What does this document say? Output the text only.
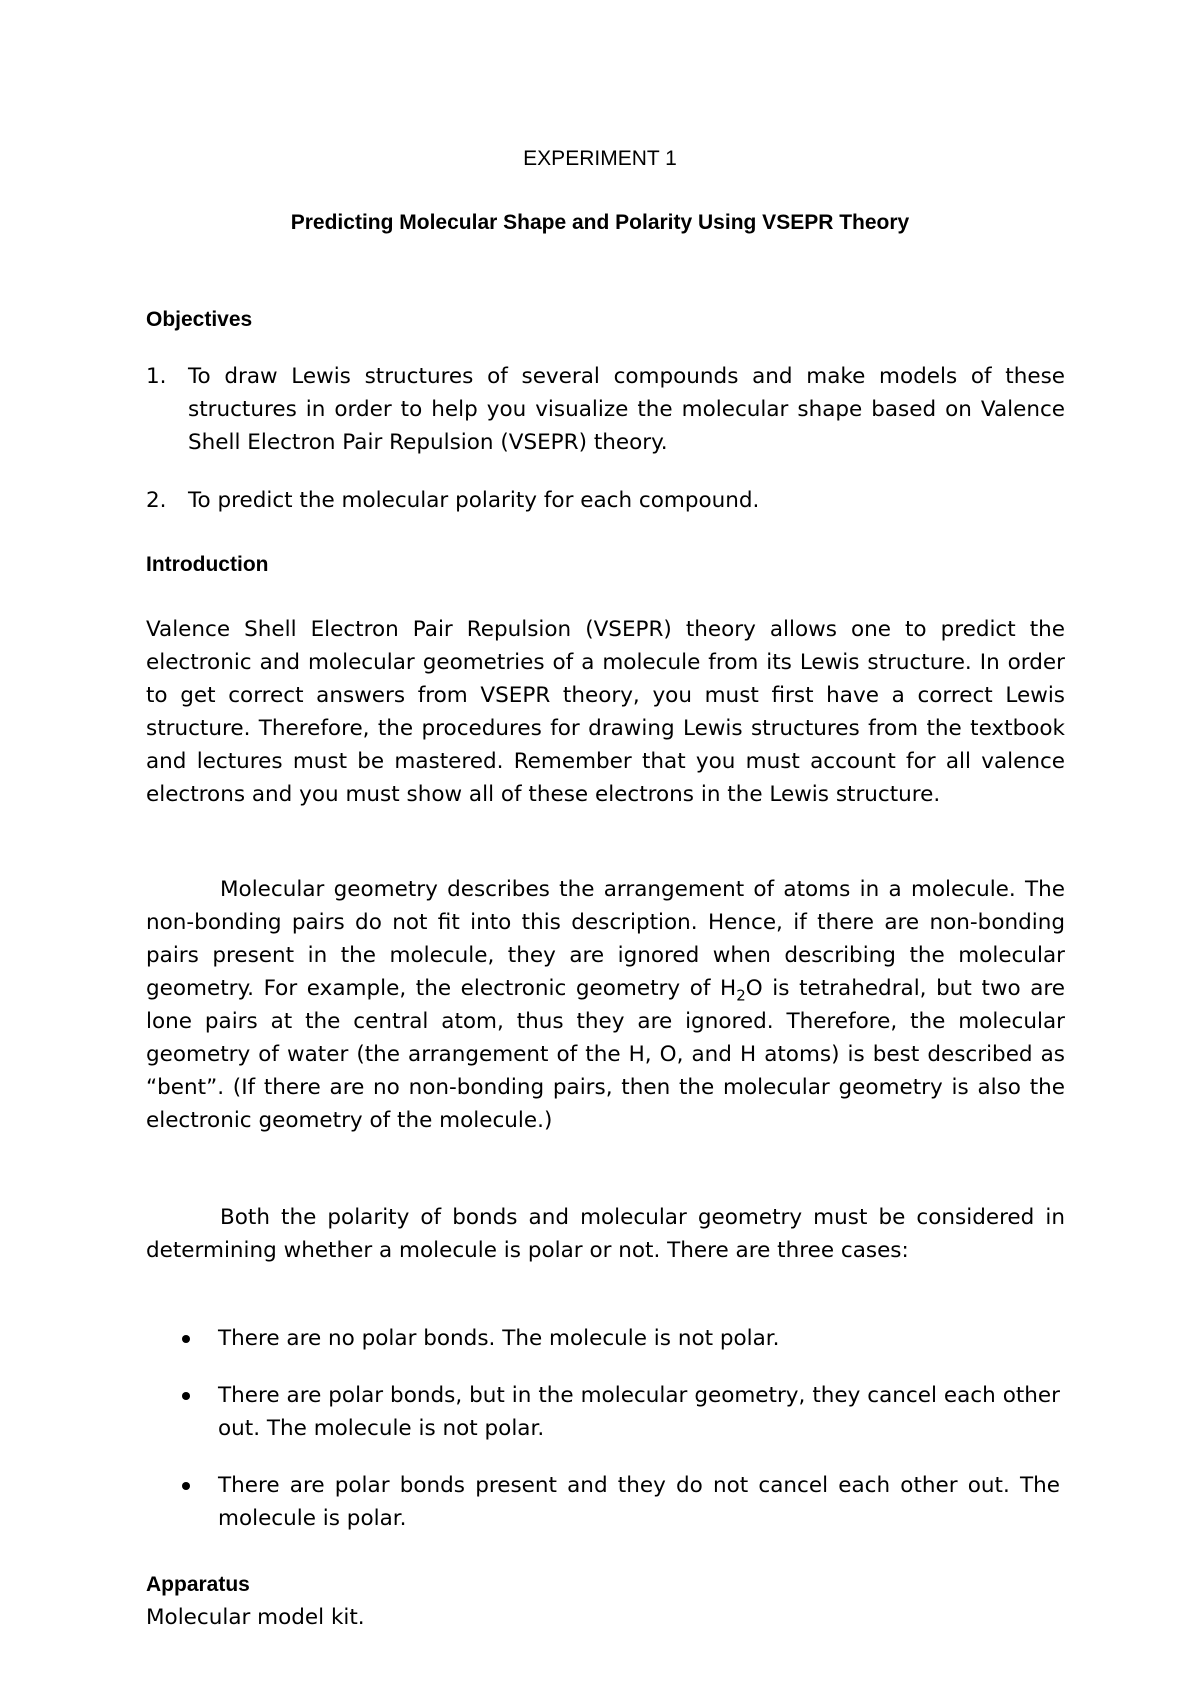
EXPERIMENT 1
Predicting Molecular Shape and Polarity Using VSEPR Theory
Objectives
1. To draw Lewis structures of several compounds and make models of these structures in order to help you visualize the molecular shape based on Valence Shell Electron Pair Repulsion (VSEPR) theory.

2. To predict the molecular polarity for each compound.

Introduction

Valence Shell Electron Pair Repulsion (VSEPR) theory allows one to predict the electronic and molecular geometries of a molecule from its Lewis structure. In order to get correct answers from VSEPR theory, you must first have a correct Lewis structure. Therefore, the procedures for drawing Lewis structures from the textbook and lectures must be mastered. Remember that you must account for all valence electrons and you must show all of these electrons in the Lewis structure.

Molecular geometry describes the arrangement of atoms in a molecule. The non-bonding pairs do not fit into this description. Hence, if there are non-bonding pairs present in the molecule, they are ignored when describing the molecular geometry. For example, the electronic geometry of $H_2O$ is tetrahedral, but two are lone pairs at the central atom, thus they are ignored. Therefore, the molecular geometry of water (the arrangement of the H, O, and H atoms) is best described as “bent”. (If there are no non-bonding pairs, then the molecular geometry is also the electronic geometry of the molecule.)

Both the polarity of bonds and molecular geometry must be considered in determining whether a molecule is polar or not. There are three cases:

There are no polar bonds. The molecule is not polar.

There are polar bonds, but in the molecular geometry, they cancel each other out. The molecule is not polar.

There are polar bonds present and they do not cancel each other out. The molecule is polar.

Apparatus

Molecular model kit.
